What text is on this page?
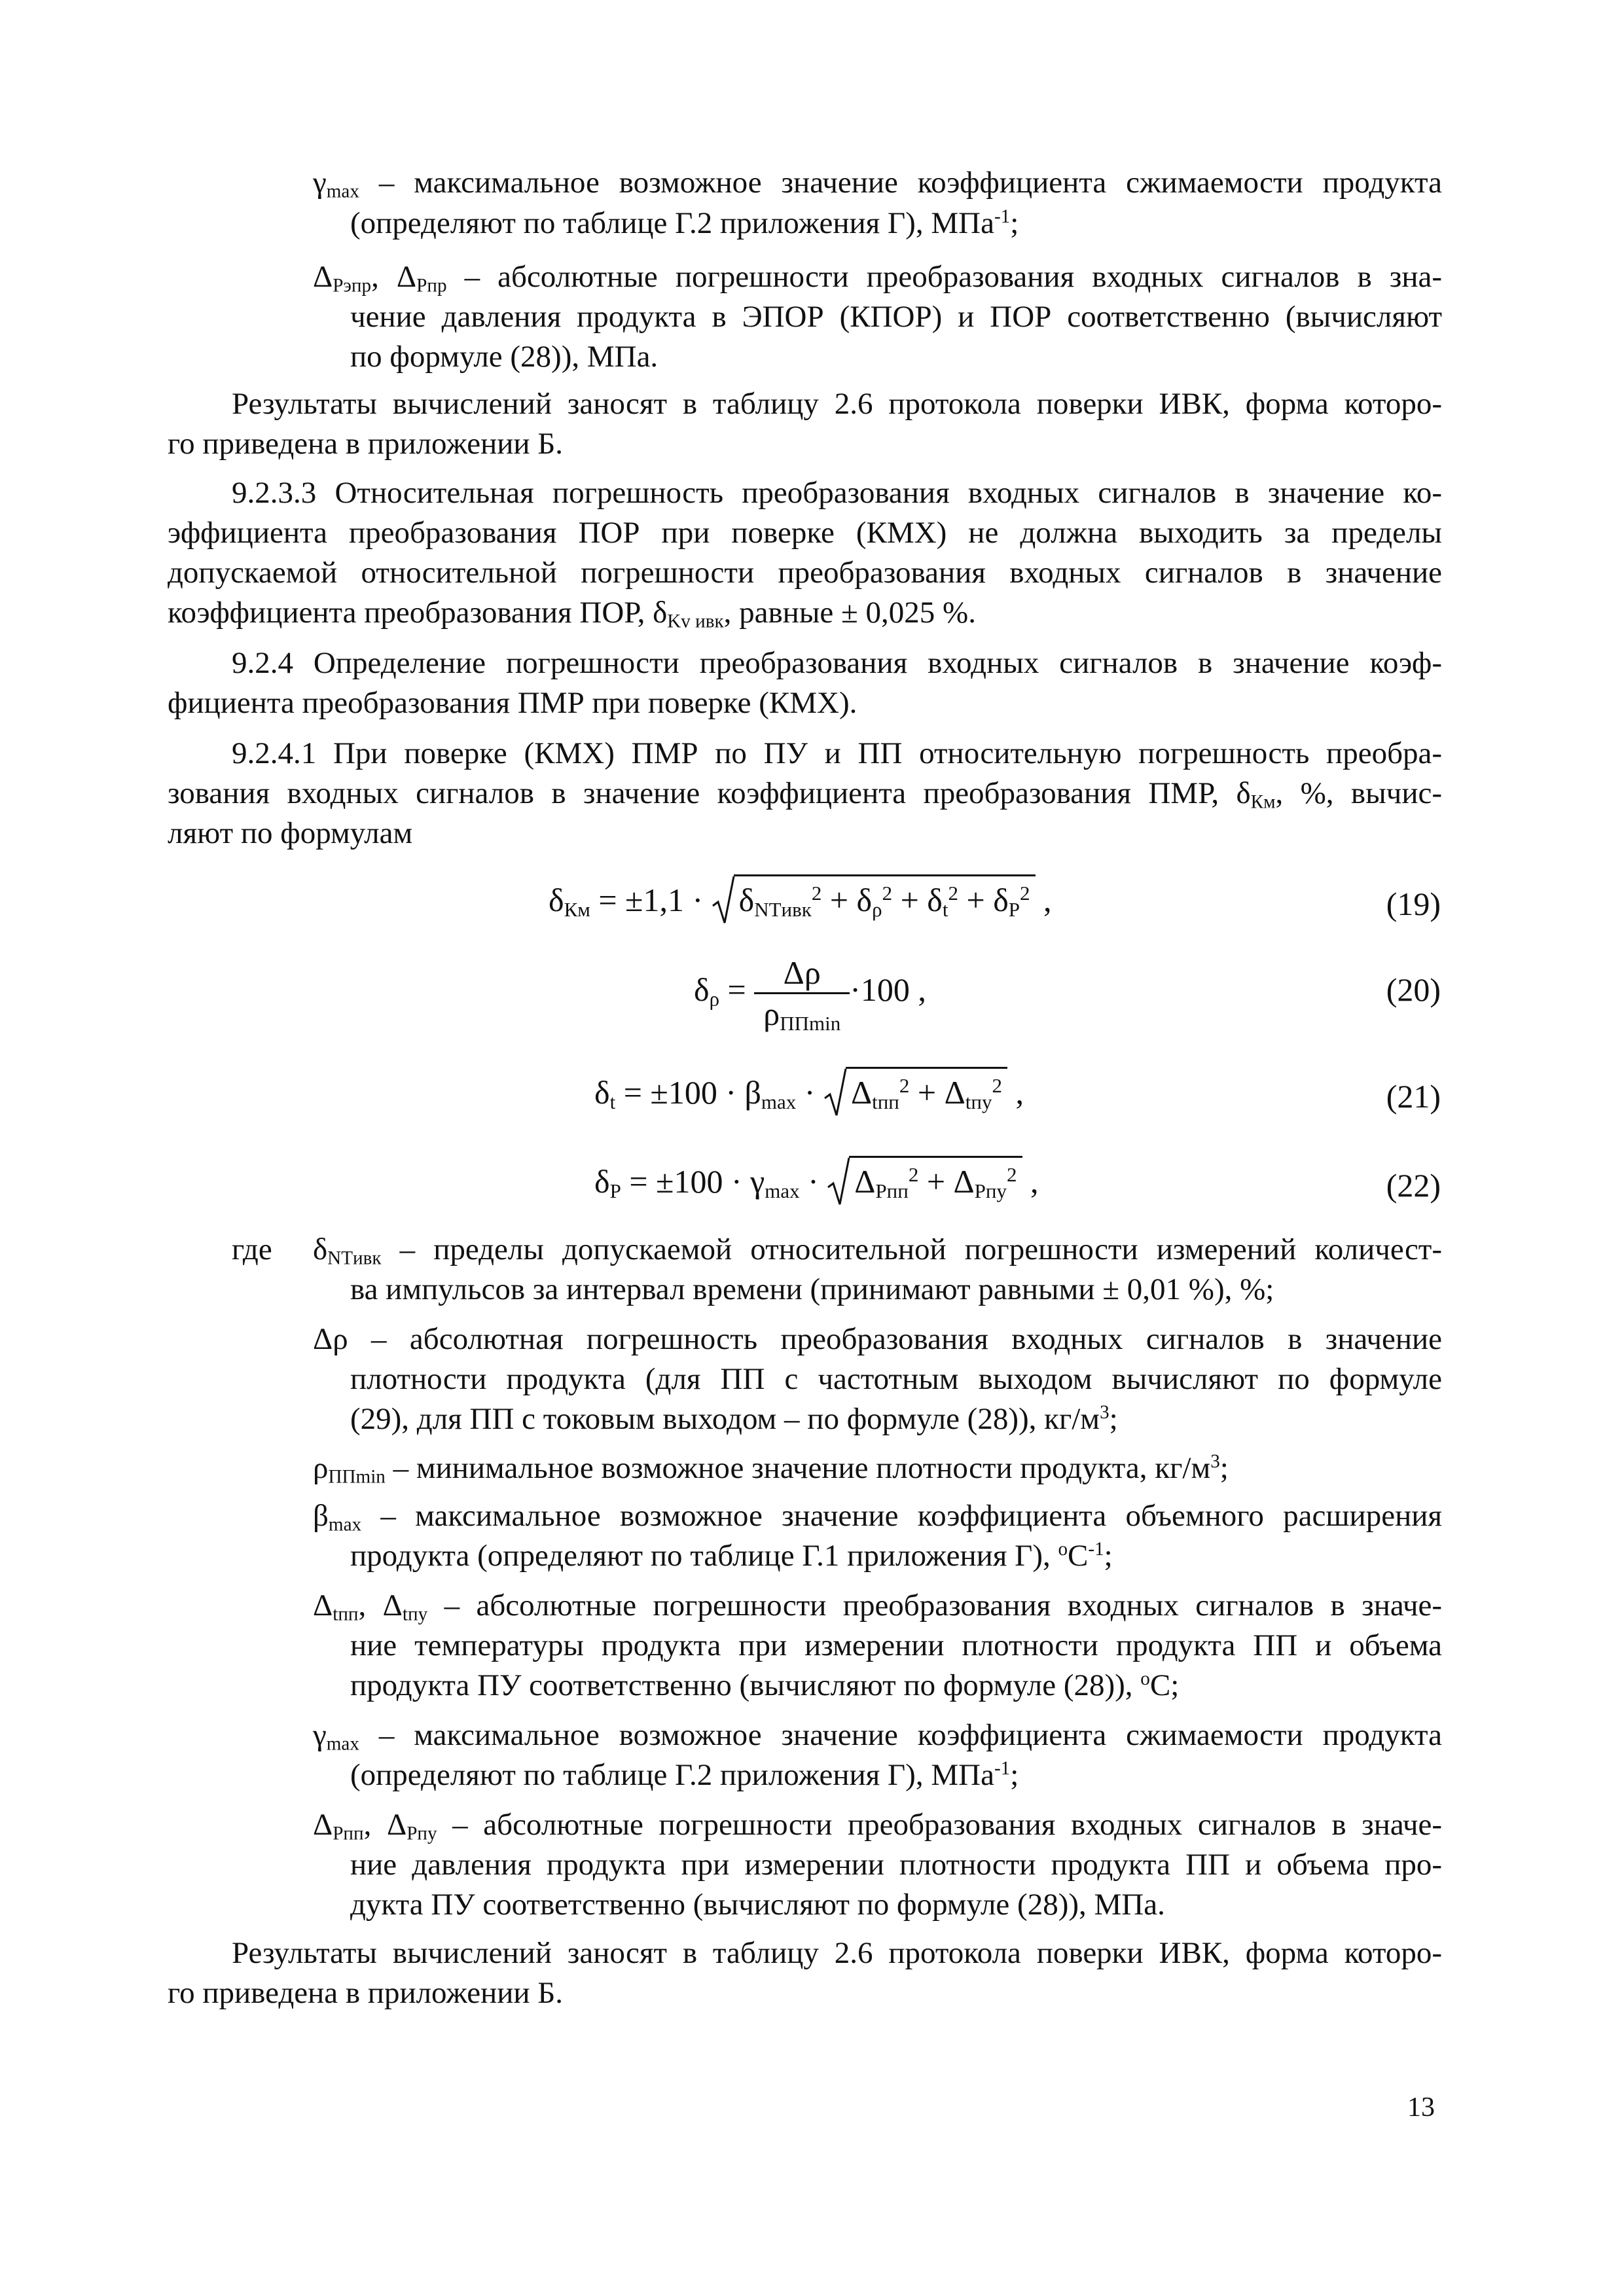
$\gamma_{max}$ – максимальное возможное значение коэффициента сжимаемости продукта
(определяют по таблице Г.2 приложения Г), МПа$^{-1}$;
$\Delta_{Pэпр}$, $\Delta_{Pпр}$ – абсолютные погрешности преобразования входных сигналов в зна-
чение давления продукта в ЭПОР (КПОР) и ПОР соответственно (вычисляют
по формуле (28)), МПа.
Результаты вычислений заносят в таблицу 2.6 протокола поверки ИВК, форма которо-
го приведена в приложении Б.
9.2.3.3 Относительная погрешность преобразования входных сигналов в значение ко-
эффициента преобразования ПОР при поверке (КМХ) не должна выходить за пределы
допускаемой относительной погрешности преобразования входных сигналов в значение
коэффициента преобразования ПОР, $\delta_{Kv ивк}$, равные ± 0,025 %.
9.2.4 Определение погрешности преобразования входных сигналов в значение коэф-
фициента преобразования ПМР при поверке (КМХ).
9.2.4.1 При поверке (КМХ) ПМР по ПУ и ПП относительную погрешность преобра-
зования входных сигналов в значение коэффициента преобразования ПМР, $\delta_{Км}$, %, вычис-
ляют по формулам
$\delta_{Км} = \pm 1,1$ ·
$\delta_{NTивк}^2 + \delta_\rho^2 + \delta_t^2 + \delta_P^2$ ,	(19)
$\delta_\rho = \frac{\Delta\rho}{\rho_{ППmin}} \cdot 100$ ,	(20)
$\delta_t = \pm 100 \cdot \beta_{max}$ ·
$\Delta_{tпп}^2 + \Delta_{tпу}^2$ ,	(21)
$\delta_P = \pm 100 \cdot \gamma_{max}$ ·
$\Delta_{Pпп}^2 + \Delta_{Pпу}^2$ ,	(22)
где $\delta_{NTивк}$ – пределы допускаемой относительной погрешности измерений количест-
ва импульсов за интервал времени (принимают равными ± 0,01 %), %;
Δρ – абсолютная погрешность преобразования входных сигналов в значение
плотности продукта (для ПП с частотным выходом вычисляют по формуле
(29), для ПП с токовым выходом – по формуле (28)), $кг/м^3$;
$\rho_{ППmin}$ – минимальное возможное значение плотности продукта, $кг/м^3$;
$\beta_{max}$ – максимальное возможное значение коэффициента объемного расширения
продукта (определяют по таблице Г.1 приложения Г), $^oС^{-1}$;
$\Delta_{tпп}$, $\Delta_{tпу}$ – абсолютные погрешности преобразования входных сигналов в значе-
ние температуры продукта при измерении плотности продукта ПП и объема
продукта ПУ соответственно (вычисляют по формуле (28)), $^o$С;
$\gamma_{max}$ – максимальное возможное значение коэффициента сжимаемости продукта
(определяют по таблице Г.2 приложения Г), МПа$^{-1}$;
$\Delta_{Pпп}$, $\Delta_{Pпу}$ – абсолютные погрешности преобразования входных сигналов в значе-
ние давления продукта при измерении плотности продукта ПП и объема про-
дукта ПУ соответственно (вычисляют по формуле (28)), МПа.
Результаты вычислений заносят в таблицу 2.6 протокола поверки ИВК, форма которо-
го приведена в приложении Б.
13
